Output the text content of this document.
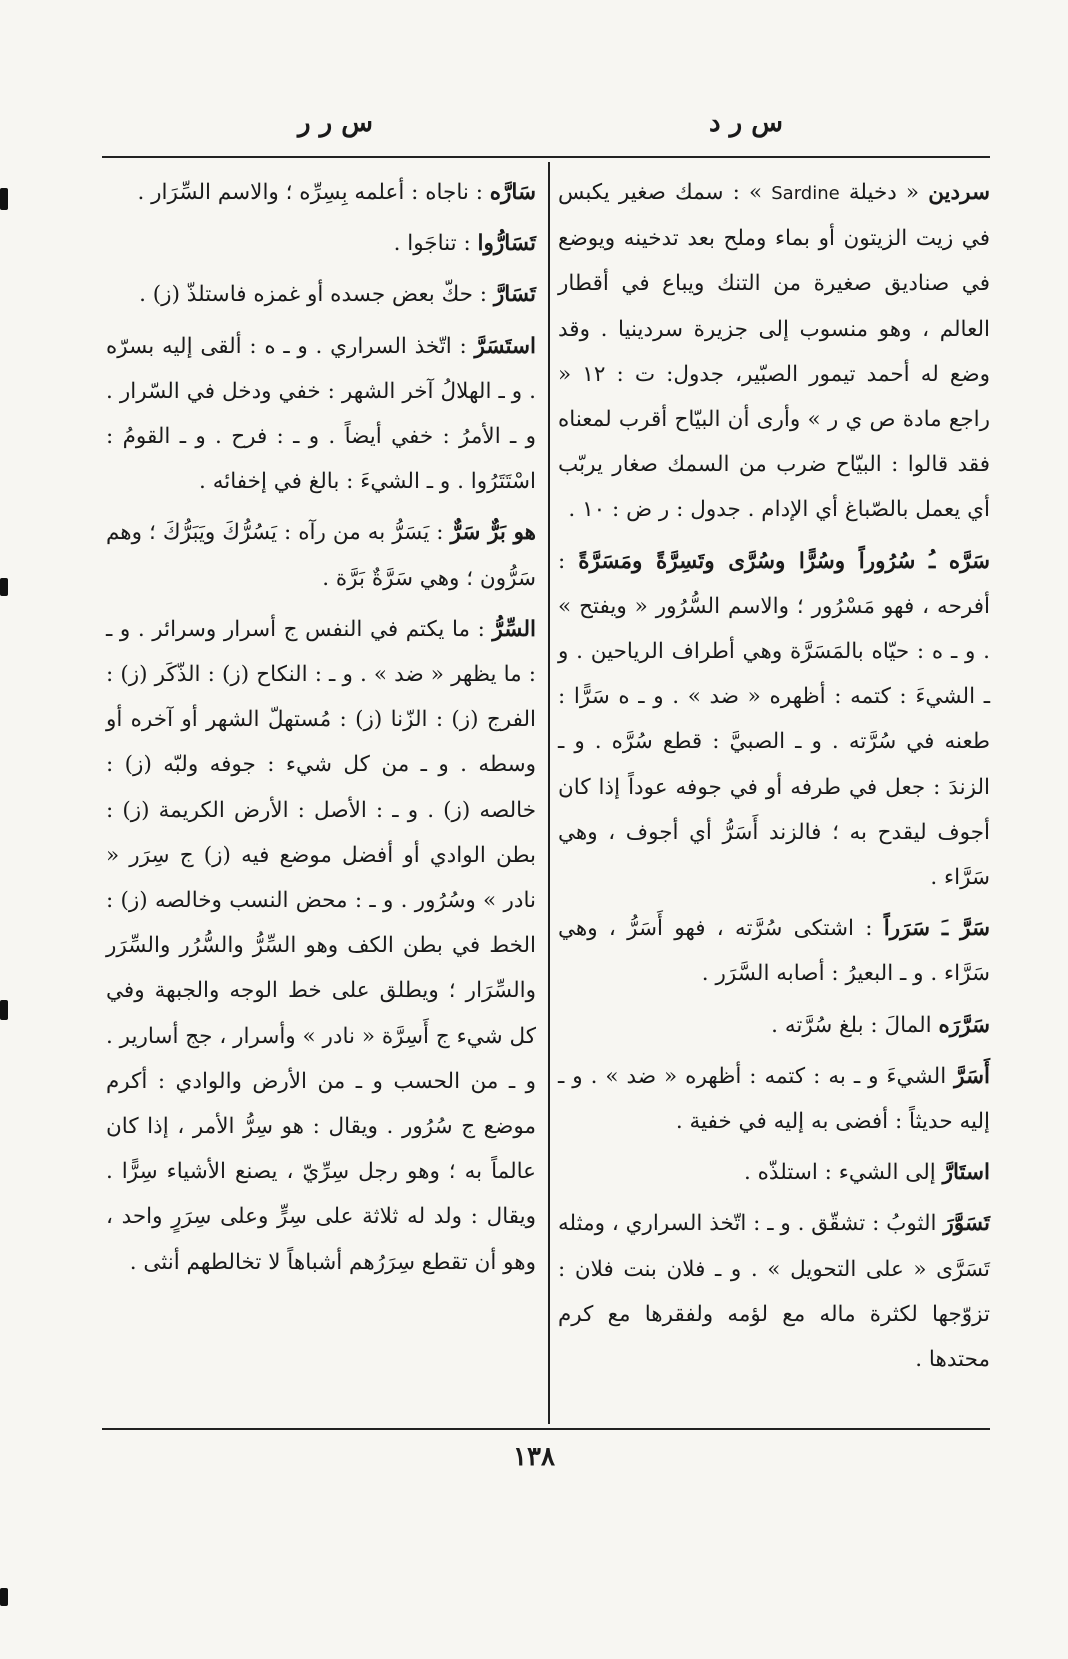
س ر د
س ر ر

سردين « دخيلة Sardine » : سمك صغير يكبس في زيت الزيتون أو بماء وملح بعد تدخينه ويوضع في صناديق صغيرة من التنك ويباع في أقطار العالم ، وهو منسوب إلى جزيرة سردينيا . وقد وضع له أحمد تيمور الصبّير، جدول: ت : ١٢ « راجع مادة ص ي ر » وأرى أن البيّاح أقرب لمعناه فقد قالوا : البيّاح ضرب من السمك صغار يربّب أي يعمل بالصّباغ أي الإدام . جدول : ر ض : ١٠ .

سَرَّه ـُ سُرُوراً وسُرًّا وسُرَّى وتَسِرَّةً ومَسَرَّةً : أفرحه ، فهو مَسْرُور ؛ والاسم السُّرُور « ويفتح » . و ـ ه : حيّاه بالمَسَرَّة وهي أطراف الرياحين . و ـ الشيءَ : كتمه : أظهره « ضد » . و ـ ه سَرًّا : طعنه في سُرَّته . و ـ الصبيَّ : قطع سُرَّه . و ـ الزندَ : جعل في طرفه أو في جوفه عوداً إذا كان أجوف ليقدح به ؛ فالزند أَسَرُّ أي أجوف ، وهي سَرَّاء .

سَرَّ ـَ سَرَراً : اشتكى سُرَّته ، فهو أَسَرُّ ، وهي سَرَّاء . و ـ البعيرُ : أصابه السَّرَر .

سَرَّرَه المالَ : بلغ سُرَّته .

أَسَرَّ الشيءَ و ـ به : كتمه : أظهره « ضد » . و ـ إليه حديثاً : أفضى به إليه في خفية .

استَارَّ إلى الشيء : استلذّه .

تَسَوَّرَ الثوبُ : تشقّق . و ـ : اتّخذ السراري ، ومثله تَسَرَّى « على التحويل » . و ـ فلان بنت فلان : تزوّجها لكثرة ماله مع لؤمه ولفقرها مع كرم محتدها .

سَارَّه : ناجاه : أعلمه بِسِرِّه ؛ والاسم السِّرَار .

تَسَارُّوا : تناجَوا .

تَسَارَّ : حكّ بعض جسده أو غمزه فاستلذّ (ز) .

استَسَرَّ : اتّخذ السراري . و ـ ه : ألقى إليه بسرّه . و ـ الهلالُ آخر الشهر : خفي ودخل في السّرار . و ـ الأمرُ : خفي أيضاً . و ـ : فرح . و ـ القومُ : اسْتَتَرُوا . و ـ الشيءَ : بالغ في إخفائه .

هو بَرٌّ سَرٌّ : يَسَرُّ به من رآه : يَسُرُّكَ ويَبَرُّكَ ؛ وهم سَرُّون ؛ وهي سَرَّةٌ بَرَّة .

السِّرُّ : ما يكتم في النفس ج أسرار وسرائر . و ـ : ما يظهر « ضد » . و ـ : النكاح (ز) : الذّكَر (ز) : الفرج (ز) : الزّنا (ز) : مُستهلّ الشهر أو آخره أو وسطه . و ـ من كل شيء : جوفه ولبّه (ز) : خالصه (ز) . و ـ : الأصل : الأرض الكريمة (ز) : بطن الوادي أو أفضل موضع فيه (ز) ج سِرَر « نادر » وسُرُور . و ـ : محض النسب وخالصه (ز) : الخط في بطن الكف وهو السِّرُّ والسُّرُر والسِّرَر والسِّرَار ؛ ويطلق على خط الوجه والجبهة وفي كل شيء ج أَسِرَّة « نادر » وأسرار ، جج أسارير . و ـ من الحسب و ـ من الأرض والوادي : أكرم موضع ج سُرُور . ويقال : هو سِرُّ الأمر ، إذا كان عالماً به ؛ وهو رجل سِرِّيّ ، يصنع الأشياء سِرًّا . ويقال : ولد له ثلاثة على سِرٍّ وعلى سِرَرٍ واحد ، وهو أن تقطع سِرَرُهم أشباهاً لا تخالطهم أنثى .

١٣٨
